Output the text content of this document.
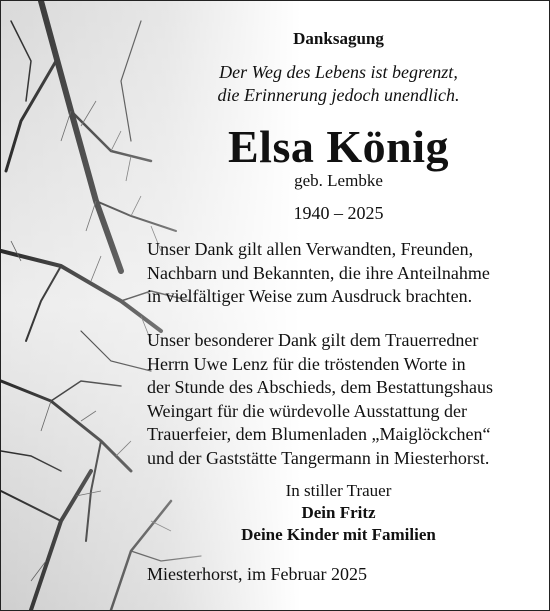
Danksagung
Der Weg des Lebens ist begrenzt,
die Erinnerung jedoch unendlich.
Elsa König
geb. Lembke
1940 – 2025
Unser Dank gilt allen Verwandten, Freunden,
Nachbarn und Bekannten, die ihre Anteilnahme
in vielfältiger Weise zum Ausdruck brachten.
Unser besonderer Dank gilt dem Trauerredner
Herrn Uwe Lenz für die tröstenden Worte in
der Stunde des Abschieds, dem Bestattungshaus
Weingart für die würdevolle Ausstattung der
Trauerfeier, dem Blumenladen „Maiglöckchen“
und der Gaststätte Tangermann in Miesterhorst.
In stiller Trauer
Dein Fritz
Deine Kinder mit Familien
Miesterhorst, im Februar 2025
